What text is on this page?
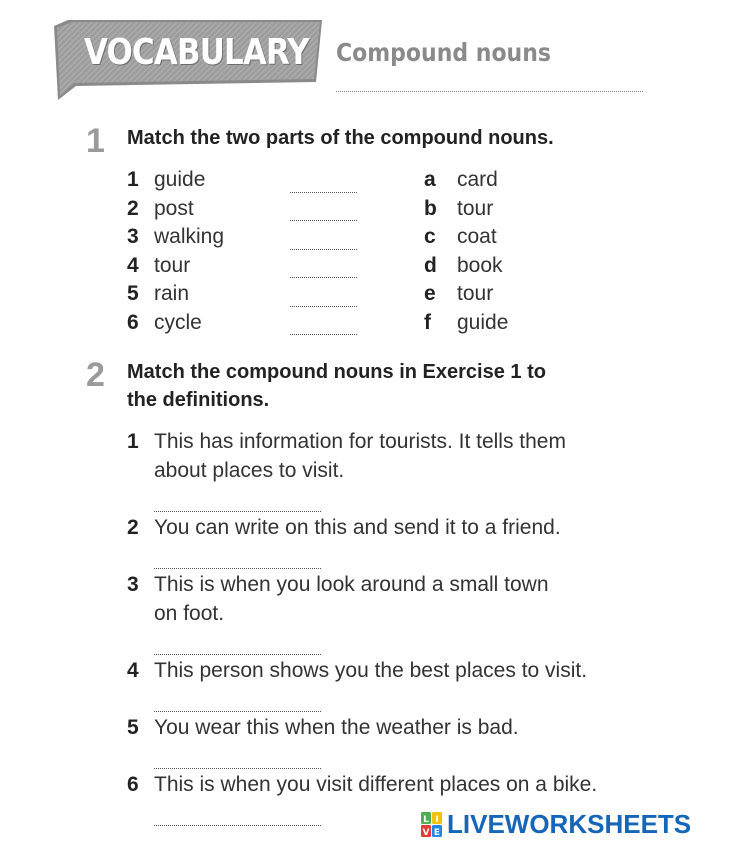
VOCABULARY Compound nouns
1 Match the two parts of the compound nouns.
1 guide
2 post
3 walking
4 tour
5 rain
6 cycle
a card
b tour
c coat
d book
e tour
f guide
2 Match the compound nouns in Exercise 1 to
the definitions.
1 This has information for tourists. It tells them
about places to visit.
2 You can write on this and send it to a friend.
3 This is when you look around a small town
on foot.
4 This person shows you the best places to visit.
5 You wear this when the weather is bad.
6 This is when you visit different places on a bike.
L I
V E LIVEWORKSHEETS
